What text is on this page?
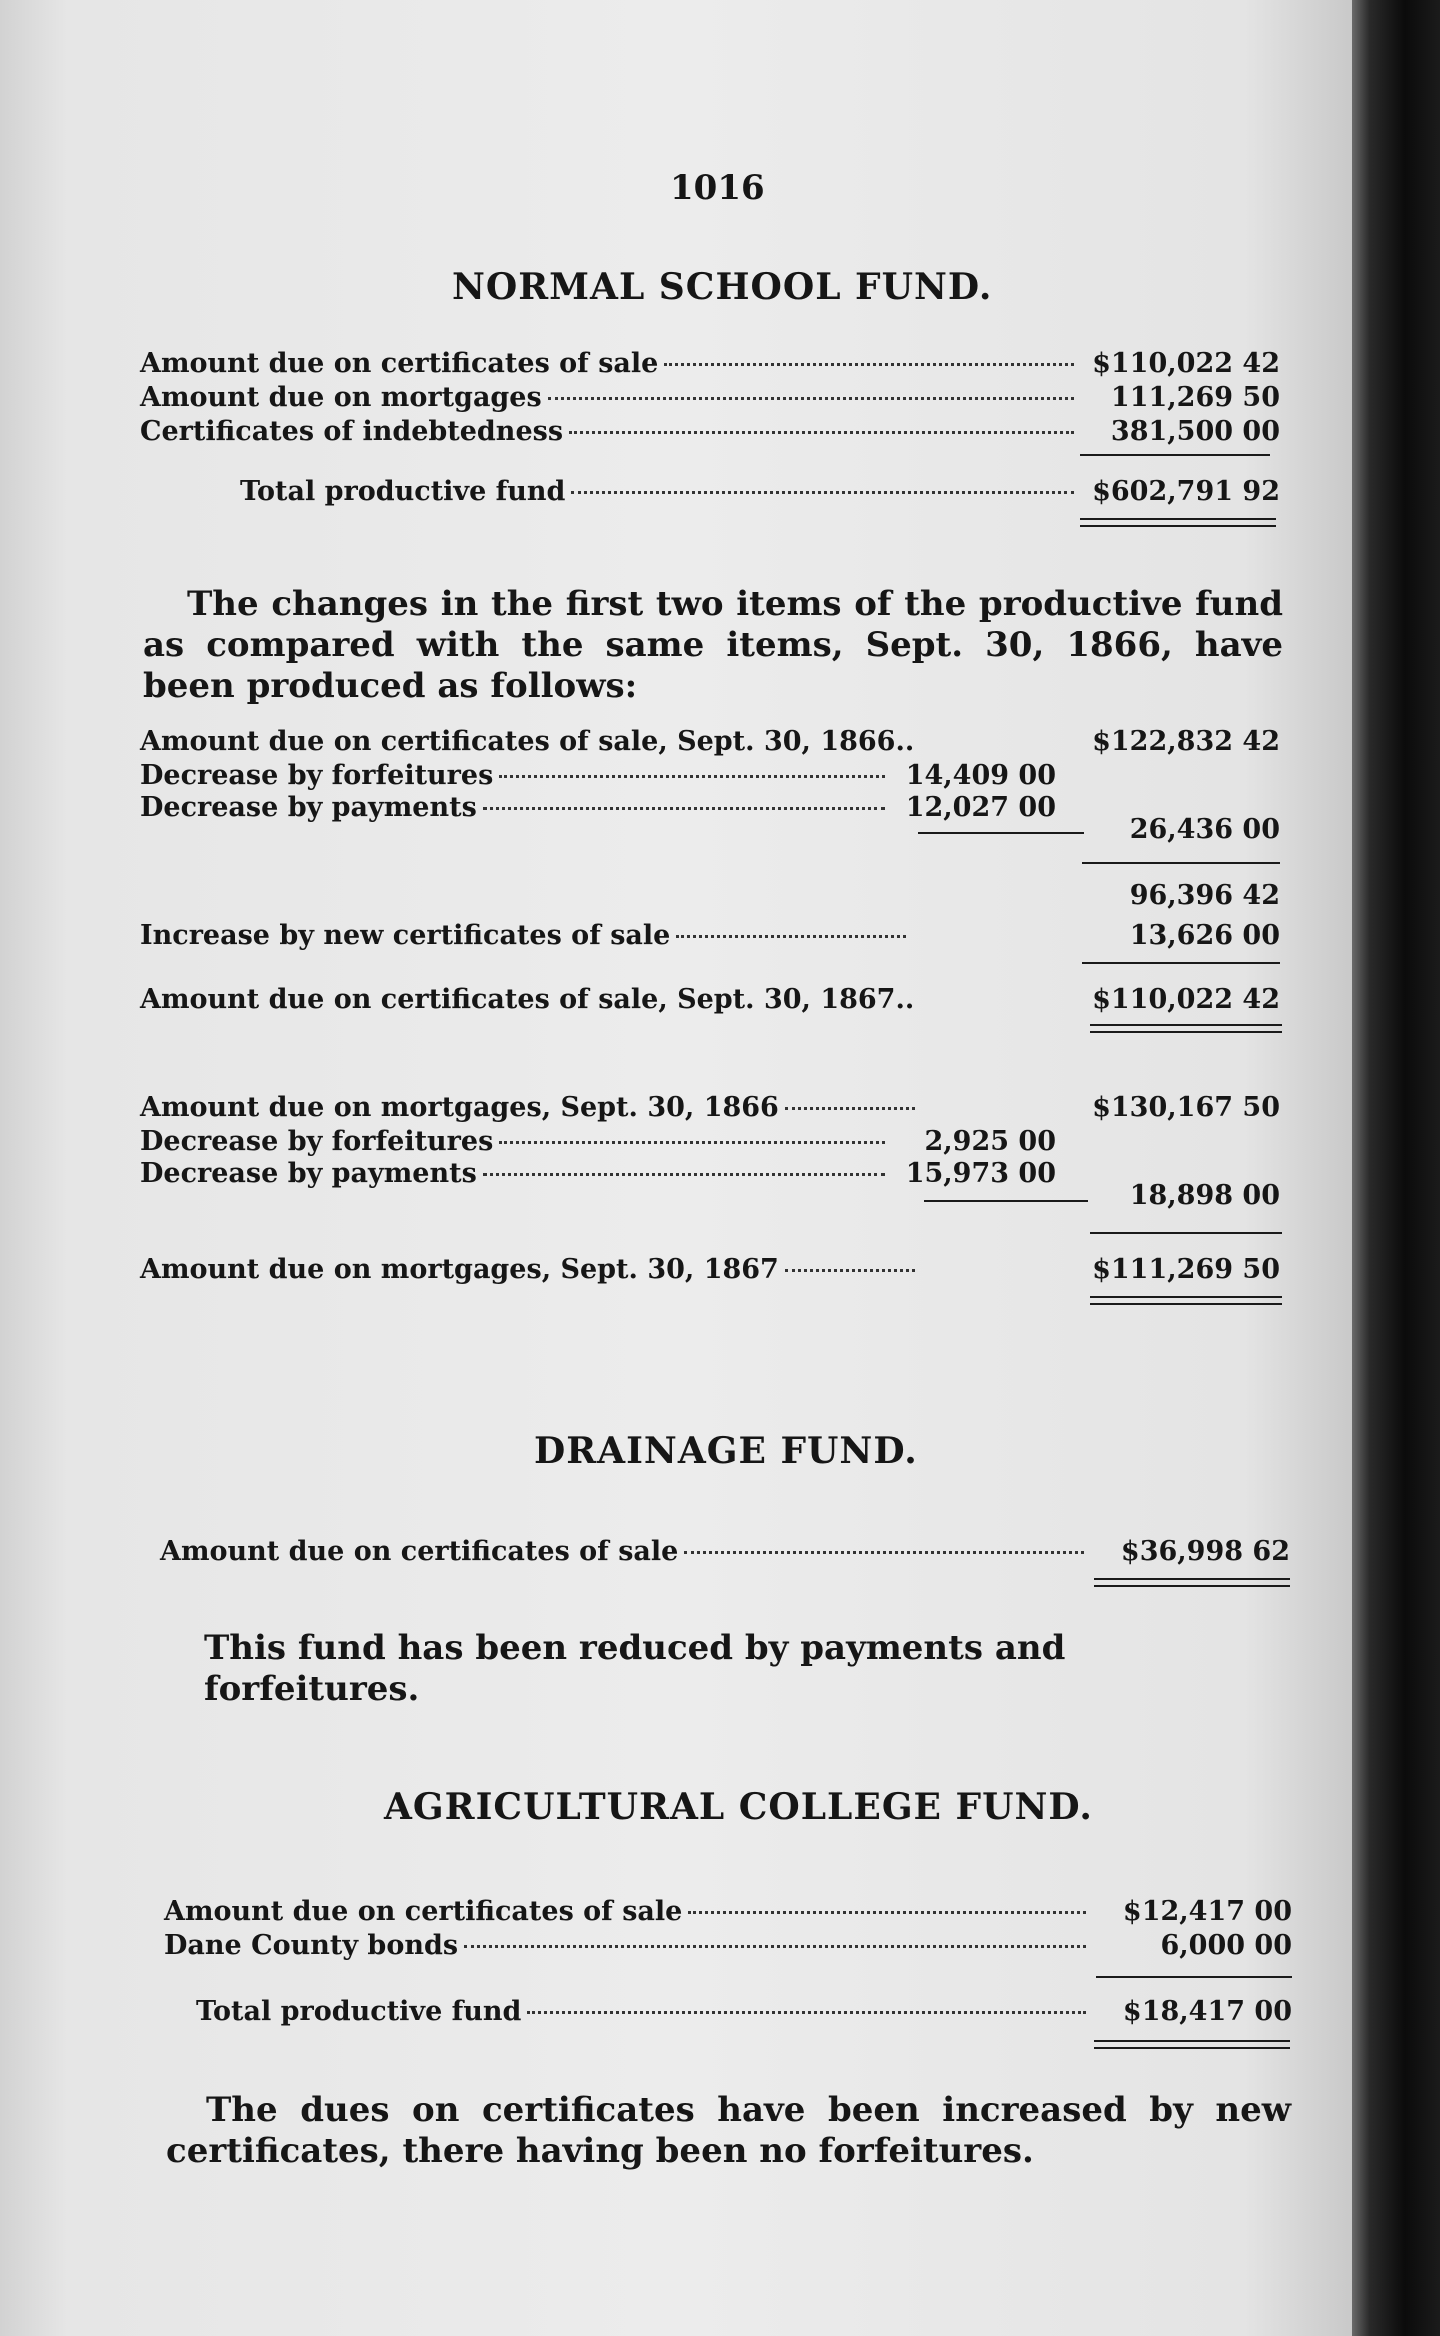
1016
NORMAL SCHOOL FUND.
Amount due on certificates of sale	$110,022 42
Amount due on mortgages	111,269 50
Certificates of indebtedness	381,500 00
Total productive fund	$602,791 92
The changes in the first two items of the productive fund as compared with the same items, Sept. 30, 1866, have been produced as follows:
Amount due on certificates of sale, Sept. 30, 1866..	$122,832 42
Decrease by forfeitures	14,409 00
Decrease by payments	12,027 00
26,436 00
96,396 42
Increase by new certificates of sale	13,626 00
Amount due on certificates of sale, Sept. 30, 1867..	$110,022 42
Amount due on mortgages, Sept. 30, 1866	$130,167 50
Decrease by forfeitures	2,925 00
Decrease by payments	15,973 00
18,898 00
Amount due on mortgages, Sept. 30, 1867	$111,269 50
DRAINAGE FUND.
Amount due on certificates of sale	$36,998 62
This fund has been reduced by payments and forfeitures.
AGRICULTURAL COLLEGE FUND.
Amount due on certificates of sale	$12,417 00
Dane County bonds	6,000 00
Total productive fund	$18,417 00
The dues on certificates have been increased by new certificates, there having been no forfeitures.
